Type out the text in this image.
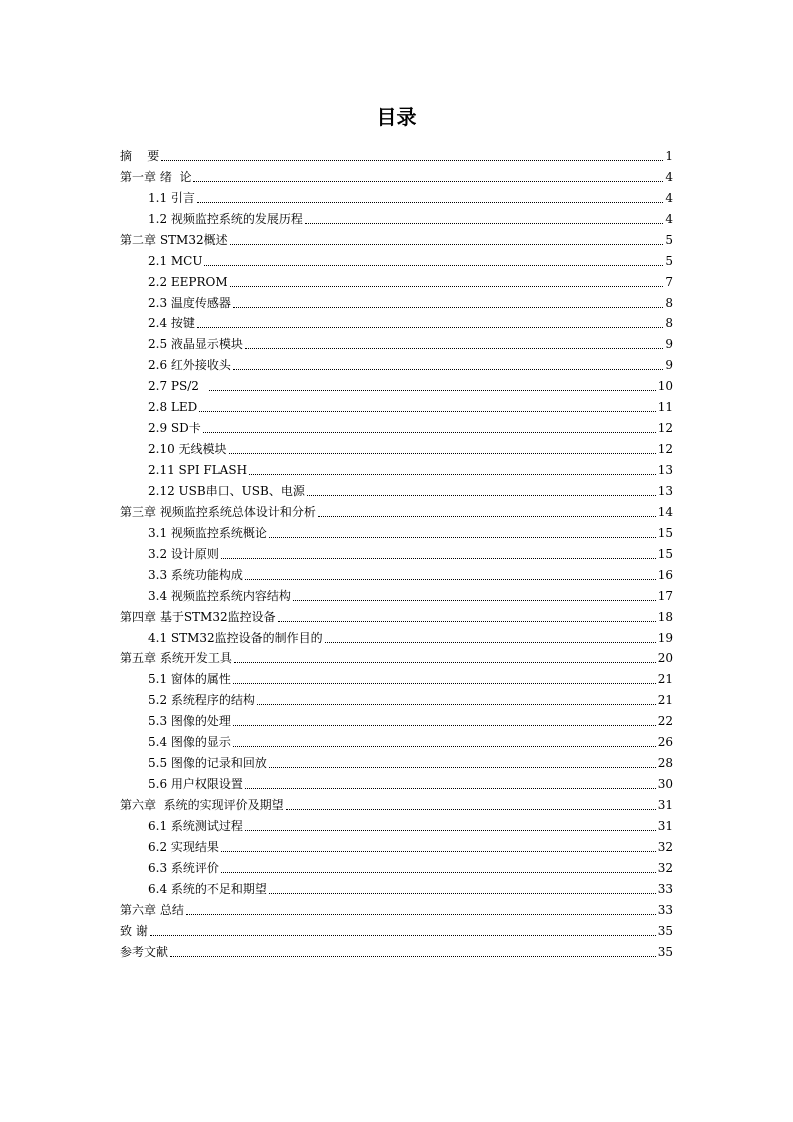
目录
摘    要	1
第一章 绪  论	4
1.1 引言	4
1.2 视频监控系统的发展历程	4
第二章 STM32概述	5
2.1 MCU	5
2.2 EEPROM	7
2.3 温度传感器	8
2.4 按键	8
2.5 液晶显示模块	9
2.6 红外接收头	9
2.7 PS/2	10
2.8 LED	11
2.9 SD卡	12
2.10 无线模块	12
2.11 SPI FLASH	13
2.12 USB串口、USB、电源	13
第三章 视频监控系统总体设计和分析	14
3.1 视频监控系统概论	15
3.2 设计原则	15
3.3 系统功能构成	16
3.4 视频监控系统内容结构	17
第四章 基于STM32监控设备	18
4.1 STM32监控设备的制作目的	19
第五章 系统开发工具	20
5.1 窗体的属性	21
5.2 系统程序的结构	21
5.3 图像的处理	22
5.4 图像的显示	26
5.5 图像的记录和回放	28
5.6 用户权限设置	30
第六章  系统的实现评价及期望	31
6.1 系统测试过程	31
6.2 实现结果	32
6.3 系统评价	32
6.4 系统的不足和期望	33
第六章 总结	33
致 谢	35
参考文献	35
